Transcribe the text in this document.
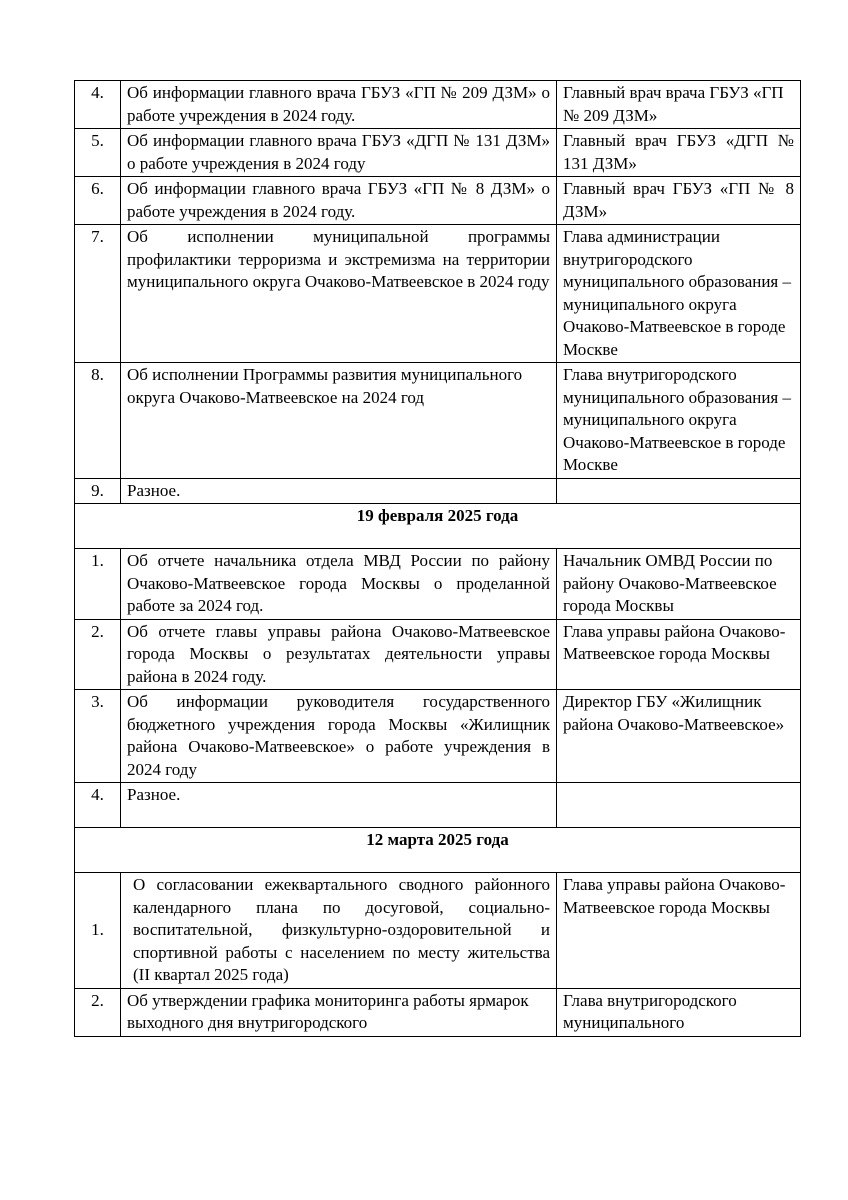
4.	Об информации главного врача ГБУЗ «ГП № 209 ДЗМ» о работе учреждения в 2024 году.	Главный врач врача ГБУЗ «ГП № 209 ДЗМ»
5.	Об информации главного врача ГБУЗ «ДГП № 131 ДЗМ» о работе учреждения в 2024 году	Главный врач ГБУЗ «ДГП № 131 ДЗМ»
6.	Об информации главного врача ГБУЗ «ГП № 8 ДЗМ» о работе учреждения в 2024 году.	Главный врач ГБУЗ «ГП № 8 ДЗМ»
7.	Об исполнении муниципальной программы профилактики терроризма и экстремизма на территории муниципального округа Очаково-Матвеевское в 2024 году	Глава администрации внутригородского муниципального образования – муниципального округа Очаково-Матвеевское в городе Москве
8.	Об исполнении Программы развития муниципального округа Очаково-Матвеевское на 2024 год	Глава внутригородского муниципального образования – муниципального округа Очаково-Матвеевское в городе Москве
9.	Разное.	
19 февраля 2025 года		
1.	Об отчете начальника отдела МВД России по району Очаково-Матвеевское города Москвы о проделанной работе за 2024 год.	Начальник ОМВД России по району Очаково-Матвеевское города Москвы
2.	Об отчете главы управы района Очаково-Матвеевское города Москвы о результатах деятельности управы района в 2024 году.	Глава управы района Очаково-Матвеевское города Москвы
3.	Об информации руководителя государственного бюджетного учреждения города Москвы «Жилищник района Очаково-Матвеевское» о работе учреждения в 2024 году	Директор ГБУ «Жилищник района Очаково-Матвеевское»
4.	Разное.	
12 марта 2025 года		
1.	О согласовании ежеквартального сводного районного календарного плана по досуговой, социально-воспитательной, физкультурно-оздоровительной и спортивной работы с населением по месту жительства (II квартал 2025 года)	Глава управы района Очаково-Матвеевское города Москвы
2.	Об утверждении графика мониторинга работы ярмарок выходного дня внутригородского	Глава внутригородского муниципального
